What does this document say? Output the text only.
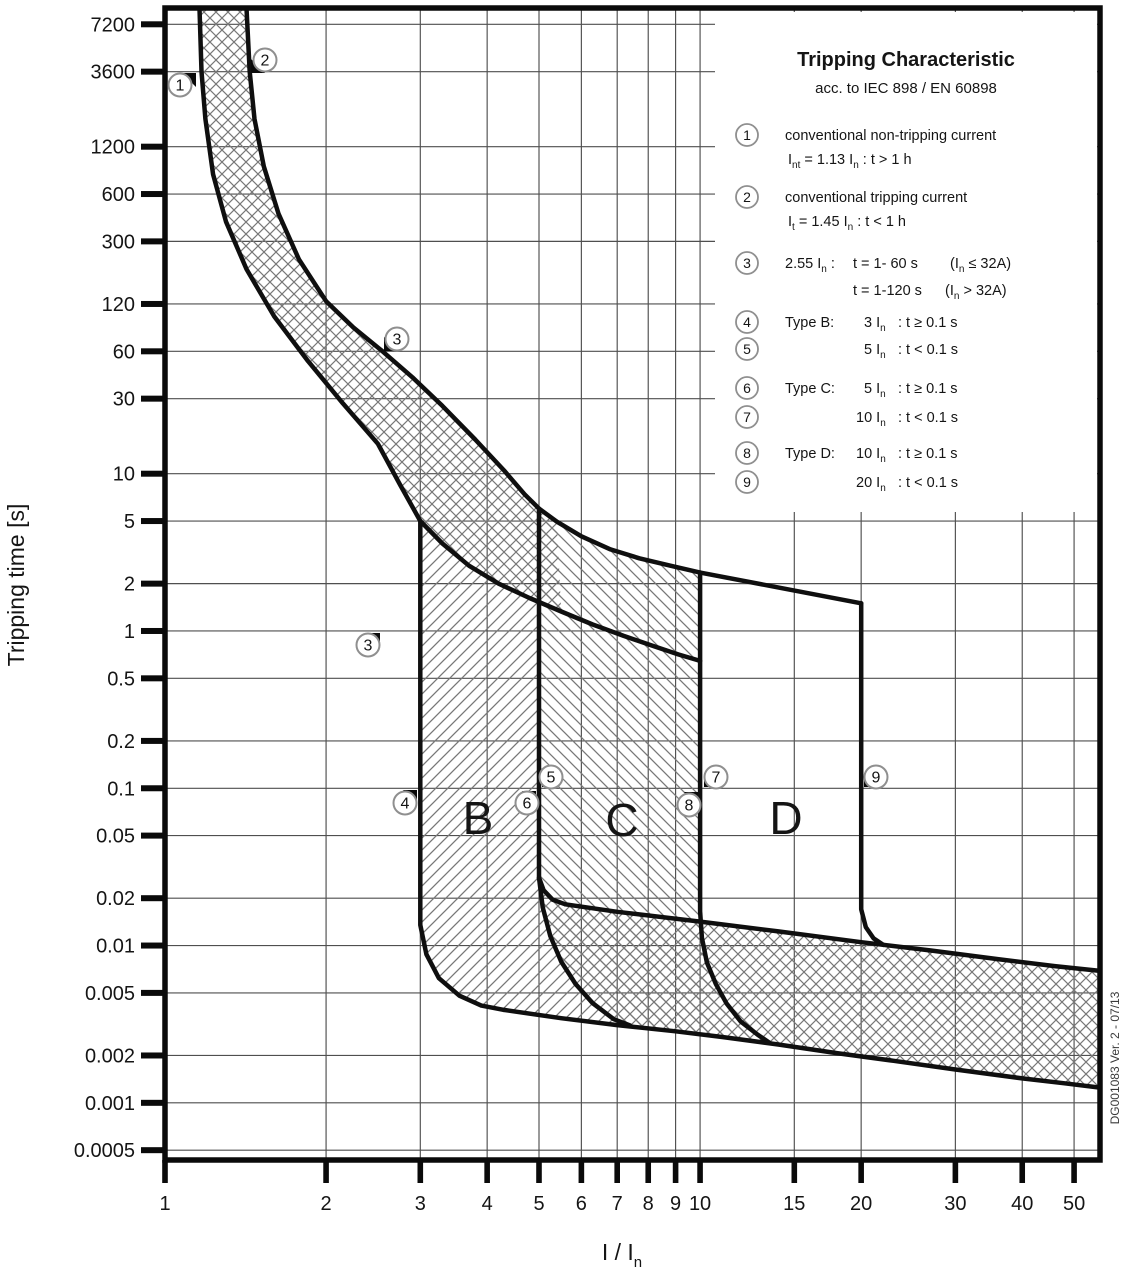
1	2	3	4 5 6 7 8 9 10	15 20	30 40 50
7200
3600
1200
600
300
120
60
30
10
5
2
1
0.5
0.2
0.1
0.05
0.02
0.01
0.005
0.002
0.001
0.0005
B C	D
1
2
3
3
4
5
6
7
8
9
1 conventional non-tripping current
$I_{nt} = 1.13$ $I_n$ : t > 1 h
2 conventional tripping current
$I_t = 1.45$ $I_n$ : t < 1 h
3 2.55 $I_n$ : t = 1- 60 s $(I_n \le 32A)$
t = 1-120 s $(I_n > 32A)$
4 Type B: 3 $I_n$ : t ≥ 0.1 s
5	5 $I_n$ : t < 0.1 s
6 Type C: 5 $I_n$ : t ≥ 0.1 s
7	10 $I_n$ : t < 0.1 s
8 Type D: 10 $I_n$ : t ≥ 0.1 s
9	20 $I_n$ : t < 0.1 s
Tripping Characteristic
acc. to IEC 898 / EN 60898
Tripping time [s]
I / $I_n$
DG001083 Ver. 2 - 07/13
